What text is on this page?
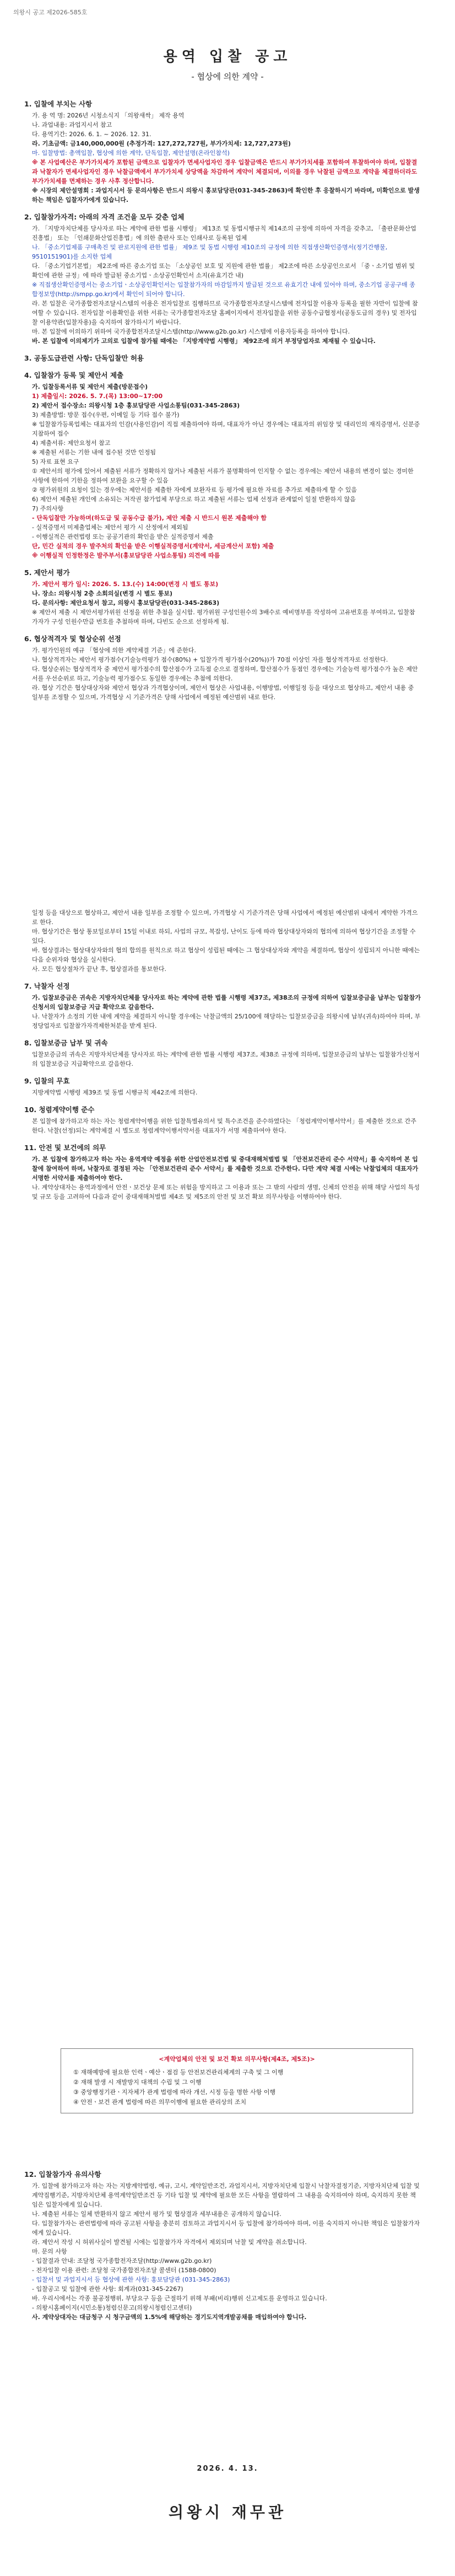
의왕시 공고 제2026-585호
용역 입찰 공고
- 협상에 의한 계약 -
1. 입찰에 부치는 사항
가. 용 역 명: 2026년 시청소식지 「의왕새싹」 제작 용역
나. 과업내용: 과업지시서 참고
다. 용역기간: 2026. 6. 1. ~ 2026. 12. 31.
라. 기초금액: 금140,000,000원 (추정가격: 127,272,727원, 부가가치세: 12,727,273원)
마. 입찰방법: 총액입찰, 협상에 의한 계약, 단독입찰, 제안설명(온라인참석)
※ 본 사업예산은 부가가치세가 포함된 금액으로 입찰자가 면세사업자인 경우 입찰금액은 반드시 부가가치세를 포함하여 투찰하여야 하며, 입찰결과 낙찰자가 면세사업자인 경우 낙찰금액에서 부가가치세 상당액을 차감하여 계약이 체결되며, 이의를 경우 낙찰된 금액으로 계약을 체결하더라도 부가가치세를 면제하는 경우 사후 정산합니다.
※ 시장의 제안설명회 : 과업지시서 등 문의사항은 반드시 의왕시 홍보담당관(031-345-2863)에 확인한 후 응찰하시기 바라며, 미확인으로 발생하는 책임은 입찰자가에게 있습니다.
2. 입찰참가자격: 아래의 자격 조건을 모두 갖춘 업체
가. 「지방자치단체를 당사자로 하는 계약에 관한 법률 시행령」 제13조 및 동법시행규칙 제14조의 규정에 의하여 자격을 갖추고, 「출판문화산업진흥법」 또는 「인쇄문화산업진흥법」에 의한 출판사 또는 인쇄사로 등록된 업체
나. 「중소기업제품 구매촉진 및 판로지원에 관한 법률」 제9조 및 동법 시행령 제10조의 규정에 의한 직접생산확인증명서(정기간행물, 9510151901)를 소지한 업체
다. 「중소기업기본법」 제2조에 따른 중소기업 또는 「소상공인 보호 및 지원에 관한 법률」 제2조에 따른 소상공인으로서 「중ㆍ소기업 범위 및 확인에 관한 규정」에 따라 발급된 중소기업ㆍ소상공인확인서 소지(유효기간 내)
※ 직접생산확인증명서는 중소기업ㆍ소상공인확인서는 입찰참가자의 마감일까지 발급된 것으로 유효기간 내에 있어야 하며, 중소기업 공공구매 종합정보망(http://smpp.go.kr)에서 확인이 되어야 합니다.
라. 본 입찰은 국가종합전자조달시스템의 이용은 전자입찰로 집행하므로 국가종합전자조달시스템에 전자입찰 이용자 등록을 필한 자만이 입찰에 참여할 수 있습니다. 전자입찰 이용확인을 위한 서류는 국가종합전자조달 홈페이지에서 전자입찰을 위한 공동수급협정서(공동도급의 경우) 및 전자입찰 이용약관(입찰자용)을 숙지하여 참가하시기 바랍니다.
마. 본 입찰에 이의하기 위하여 국가종합전자조달시스템(http://www.g2b.go.kr) 시스템에 이용자등록을 하여야 합니다.
바. 본 입찰에 이의제기가 고의로 입찰에 참가될 때에는 「지방계약법 시행령」 제92조에 의거 부정당업자로 제재될 수 있습니다.
3. 공동도급관련 사항: 단독입찰만 허용
4. 입찰참가 등록 및 제안서 제출
가. 입찰등록서류 및 제안서 제출(방문접수)
1) 제출일시: 2026. 5. 7.(목) 13:00~17:00
2) 제안서 접수장소: 의왕시청 1층 홍보담당관 사업소통팀(031-345-2863)
3) 제출방법: 방문 접수(우편, 이메일 등 기타 접수 불가)
※ 입찰참가등록업체는 대표자의 인감(사용인감)이 직접 제출하여야 하며, 대표자가 아닌 경우에는 대표자의 위임장 및 대리인의 재직증명서, 신분증 지참하여 접수
4) 제출서류: 제안요청서 참고
※ 제출된 서류는 기한 내에 접수된 것만 인정됨
5) 자료 표현 요구
① 제안서의 평가에 있어서 제출된 서류가 정확하지 않거나 제출된 서류가 불명확하여 인지할 수 없는 경우에는 제안서 내용의 변경이 없는 경미한 사항에 한하여 기한을 정하여 보완을 요구할 수 있음
② 평가위원의 요청이 있는 경우에는 제안서를 제출한 자에게 보완자료 등 평가에 필요한 자료를 추가로 제출하게 할 수 있음
6) 제안서 제출된 개인에 소유되는 저작권 참가업체 부당으로 하고 제출된 서류는 업체 선정과 관계없이 일절 반환하지 않음
7) 주의사항
- 단독입찰만 가능하며(하도급 및 공동수급 불가), 제안 제출 시 반드시 원본 제출해야 함
- 실적증명서 미제출업체는 제안서 평가 시 산정에서 제외됨
- 이행실적은 관련법령 또는 공공기관의 확인을 받은 실적증명서 제출
단, 민간 실적의 경우 발주처의 확인을 받은 이행실적증명서(계약서, 세금계산서 포함) 제출
※ 이행실적 인정한정은 발주부서(홍보담당관 사업소통팀) 의견에 따름
5. 제안서 평가
가. 제안서 평가 일시: 2026. 5. 13.(수) 14:00(변경 시 별도 통보)
나. 장소: 의왕시청 2층 소회의실(변경 시 별도 통보)
다. 문의사항: 제안요청서 참고, 의왕시 홍보담당관(031-345-2863)
※ 제안서 제출 시 제안서평가위원 선정을 위한 추첨을 실시함. 평가위원 구성인원수의 3배수로 예비명부를 작성하여 고유번호를 부여하고, 입찰참가자가 구성 인원수만큼 번호를 추첨하며 하며, 다빈도 순으로 선정하게 됨.
6. 협상적격자 및 협상순위 선정
가. 평가인원의 예규 「협상에 의한 계약체결 기준」에 준한다.
나. 협상적격자는 제안서 평가점수(기술능력평가 점수(80%) + 입찰가격 평가점수(20%))가 70점 이상인 자를 협상적격자로 선정한다.
다. 협상순위는 협상적격자 중 제안서 평가점수의 합산점수가 고득점 순으로 결정하며, 합산점수가 동점인 경우에는 기술능력 평가점수가 높은 제안서를 우선순위로 하고, 기술능력 평가점수도 동일한 경우에는 추첨에 의한다.
라. 협상 기간은 협상대상자와 제안서 협상과 가격협상이며, 제안서 협상은 사업내용, 이행방법, 이행일정 등을 대상으로 협상하고, 제안서 내용 중 일부를 조정할 수 있으며, 가격협상 시 기준가격은 당해 사업에서 예정된 예산범위 내로 한다.
일정 등을 대상으로 협상하고, 제안서 내용 일부를 조정할 수 있으며, 가격협상 시 기준가격은 당해 사업에서 예정된 예산범위 내에서 계약한 가격으로 한다.
마. 협상기간은 협상 통보일로부터 15일 이내로 하되, 사업의 규모, 복잡성, 난이도 등에 따라 협상대상자와의 협의에 의하여 협상기간을 조정할 수 있다.
바. 협상결과는 협상대상자와의 협의 합의를 원칙으로 하고 협상이 성립된 때에는 그 협상대상자와 계약을 체결하며, 협상이 성립되지 아니한 때에는 다음 순위자와 협상을 실시한다.
사. 모든 협상절차가 끝난 후, 협상결과를 통보한다.
7. 낙찰자 선정
가. 입찰보증금은 귀속은 지방자치단체를 당사자로 하는 계약에 관한 법률 시행령 제37조, 제38조의 규정에 의하여 입찰보증금을 납부는 입찰참가신청서의 입찰보증금 지급 확약으로 갈음한다.
나. 낙찰자가 소정의 기한 내에 계약을 체결하지 아니할 경우에는 낙찰금액의 25/100에 해당하는 입찰보증금을 의왕시에 납부(귀속)하여야 하며, 부정당업자로 입찰참가자격제한처분을 받게 된다.
8. 입찰보증금 납부 및 귀속
입찰보증금의 귀속은 지방자치단체를 당사자로 하는 계약에 관한 법률 시행령 제37조, 제38조 규정에 의하며, 입찰보증금의 납부는 입찰참가신청서의 입찰보증금 지급확약으로 갈음한다.
9. 입찰의 무효
지방계약법 시행령 제39조 및 동법 시행규칙 제42조에 의한다.
10. 청렴계약이행 준수
본 입찰에 참가하고자 하는 자는 청렴계약이행을 위한 입찰특별유의서 및 특수조건을 준수하였다는 「청렴계약이행서약서」를 제출한 것으로 간주한다. 낙찰(선정)되는 계약체결 시 별도로 청렴계약이행서약서를 대표자가 서명 제출하여야 한다.
11. 안전 및 보건에의 의무
가. 본 입찰에 참가하고자 하는 자는 용역계약 예정을 위한 산업안전보건법 및 중대재해처벌법 및 「안전보건관리 준수 서약서」를 숙지하여 본 입찰에 참여하여 하며, 낙찰자로 결정된 자는 「안전보건관리 준수 서약서」를 제출한 것으로 간주한다. 다만 계약 체결 시에는 낙찰업체의 대표자가 서명한 서약서를 제출하여야 한다.
나. 계약상대자는 용역과정에서 안전ㆍ보건상 문제 또는 위험을 방지하고 그 이용과 또는 그 밖의 사람의 생명, 신체의 안전을 위해 해당 사업의 특성 및 규모 등을 고려하여 다음과 같이 중대재해처벌법 제4조 및 제5조의 안전 및 보건 확보 의무사항을 이행하여야 한다.
<계약업체의 안전 및 보건 확보 의무사항(제4조, 제5조)>
① 재해예방에 필요한 인력ㆍ예산ㆍ점검 등 안전보건관리체계의 구축 및 그 이행
② 재해 발생 시 재발방지 대책의 수립 및 그 이행
③ 중앙행정기관ㆍ지자체가 관계 법령에 따라 개선, 시정 등을 명한 사항 이행
④ 안전ㆍ보건 관계 법령에 따른 의무이행에 필요한 관리상의 조치
12. 입찰참가자 유의사항
가. 입찰에 참가하고자 하는 자는 지방계약법령, 예규, 고시, 계약일반조건, 과업지시서, 지방자치단체 입찰시 낙찰자결정기준, 지방자치단체 입찰 및 계약집행기준, 지방자치단체 용역계약일반조건 등 기타 입찰 및 계약에 필요한 모든 사항을 열람하여 그 내용을 숙지하여야 하며, 숙지하지 못한 책임은 입찰자에게 있습니다.
나. 제출된 서류는 일체 반환하지 않고 제안서 평가 및 협상결과 세부내용은 공개하지 않습니다.
다. 입찰참가자는 관련법령에 따라 공고된 사항을 충분히 검토하고 과업지시서 등 입찰에 참가하여야 하며, 이를 숙지하지 아니한 책임은 입찰참가자에게 있습니다.
라. 제안서 작성 시 허위사실이 발견될 시에는 입찰참가자 자격에서 제외되며 낙찰 및 계약을 취소합니다.
마. 문의 사항
- 입찰결과 안내: 조달청 국가종합전자조달(http://www.g2b.go.kr)
- 전자입찰 이용 관련: 조달청 국가종합전자조달 콜센터 (1588-0800)
- 입찰서 및 과업지시서 등 협상에 관한 사항: 홍보담당관 (031-345-2863)
- 입찰공고 및 입찰에 관한 사항: 회계과(031-345-2267)
바. 우리시에서는 각종 불공정행위, 부당요구 등을 근절하기 위해 부패(비리)행위 신고제도를 운영하고 있습니다.
- 의왕시홈페이지(시민소통)청렴신문고(의왕시청렴신고센터)
사. 계약상대자는 대금청구 시 청구금액의 1.5%에 해당하는 경기도지역개발공채를 매입하여야 합니다.
2026. 4. 13.
의왕시 재무관
